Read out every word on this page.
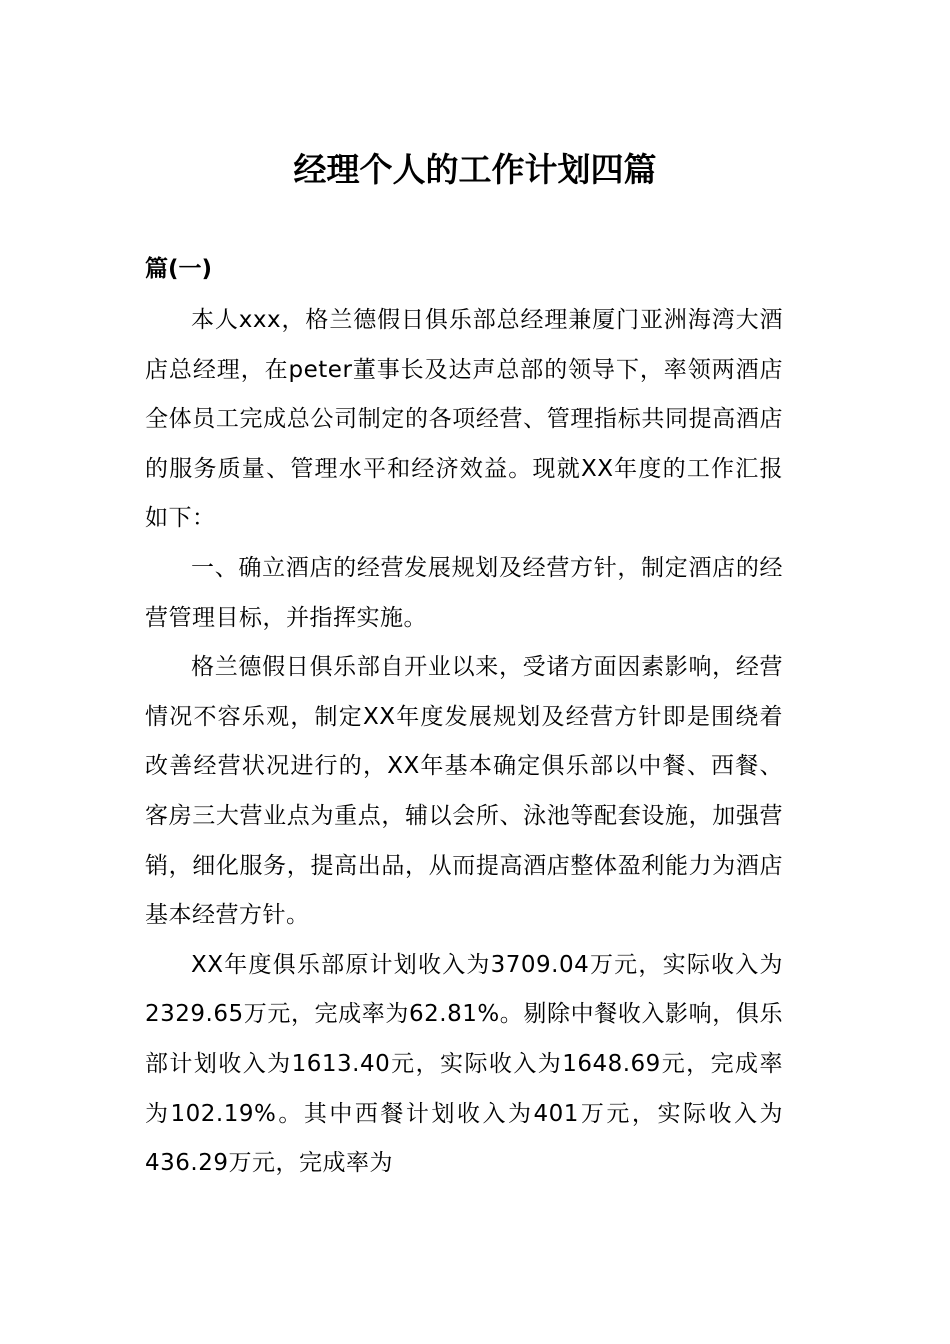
经理个人的工作计划四篇
篇(一)

本人xxx，格兰德假日俱乐部总经理兼厦门亚洲海湾大酒店总经理，在peter董事长及达声总部的领导下，率领两酒店全体员工完成总公司制定的各项经营、管理指标共同提高酒店的服务质量、管理水平和经济效益。现就XX年度的工作汇报如下：

一、确立酒店的经营发展规划及经营方针，制定酒店的经营管理目标，并指挥实施。

格兰德假日俱乐部自开业以来，受诸方面因素影响，经营情况不容乐观，制定XX年度发展规划及经营方针即是围绕着改善经营状况进行的，XX年基本确定俱乐部以中餐、西餐、客房三大营业点为重点，辅以会所、泳池等配套设施，加强营销，细化服务，提高出品，从而提高酒店整体盈利能力为酒店基本经营方针。

XX年度俱乐部原计划收入为3709.04万元，实际收入为2329.65万元，完成率为62.81%。剔除中餐收入影响，俱乐部计划收入为1613.40元，实际收入为1648.69元，完成率为102.19%。其中西餐计划收入为401万元，实际收入为436.29万元，完成率为
